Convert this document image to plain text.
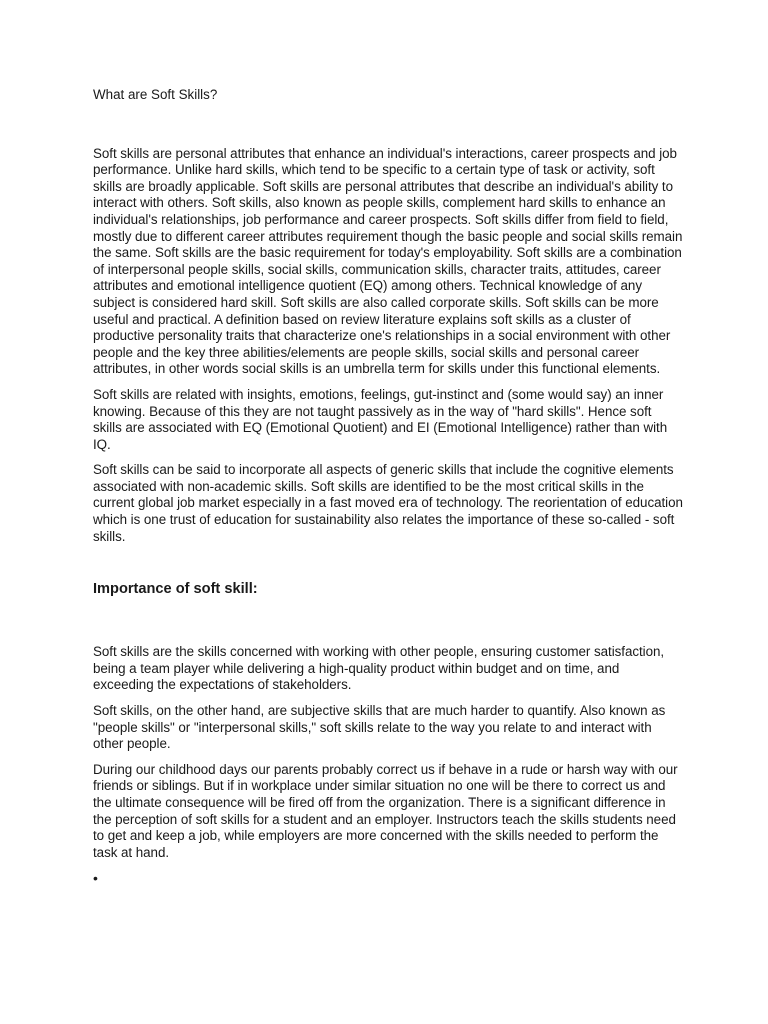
What are Soft Skills?

Soft skills are personal attributes that enhance an individual's interactions, career prospects and job performance. Unlike hard skills, which tend to be specific to a certain type of task or activity, soft skills are broadly applicable. Soft skills are personal attributes that describe an individual's ability to interact with others. Soft skills, also known as people skills, complement hard skills to enhance an individual's relationships, job performance and career prospects. Soft skills differ from field to field, mostly due to different career attributes requirement though the basic people and social skills remain the same. Soft skills are the basic requirement for today's employability. Soft skills are a combination of interpersonal people skills, social skills, communication skills, character traits, attitudes, career attributes and emotional intelligence quotient (EQ) among others. Technical knowledge of any subject is considered hard skill. Soft skills are also called corporate skills. Soft skills can be more useful and practical. A definition based on review literature explains soft skills as a cluster of productive personality traits that characterize one's relationships in a social environment with other people and the key three abilities/elements are people skills, social skills and personal career attributes, in other words social skills is an umbrella term for skills under this functional elements.

Soft skills are related with insights, emotions, feelings, gut-instinct and (some would say) an inner knowing. Because of this they are not taught passively as in the way of "hard skills". Hence soft skills are associated with EQ (Emotional Quotient) and EI (Emotional Intelligence) rather than with IQ.

Soft skills can be said to incorporate all aspects of generic skills that include the cognitive elements associated with non-academic skills. Soft skills are identified to be the most critical skills in the current global job market especially in a fast moved era of technology. The reorientation of education which is one trust of education for sustainability also relates the importance of these so-called - soft skills.

Importance of soft skill:

Soft skills are the skills concerned with working with other people, ensuring customer satisfaction, being a team player while delivering a high-quality product within budget and on time, and exceeding the expectations of stakeholders.

Soft skills, on the other hand, are subjective skills that are much harder to quantify. Also known as "people skills" or "interpersonal skills," soft skills relate to the way you relate to and interact with other people.

During our childhood days our parents probably correct us if behave in a rude or harsh way with our friends or siblings. But if in workplace under similar situation no one will be there to correct us and the ultimate consequence will be fired off from the organization. There is a significant difference in the perception of soft skills for a student and an employer. Instructors teach the skills students need to get and keep a job, while employers are more concerned with the skills needed to perform the task at hand.

•
